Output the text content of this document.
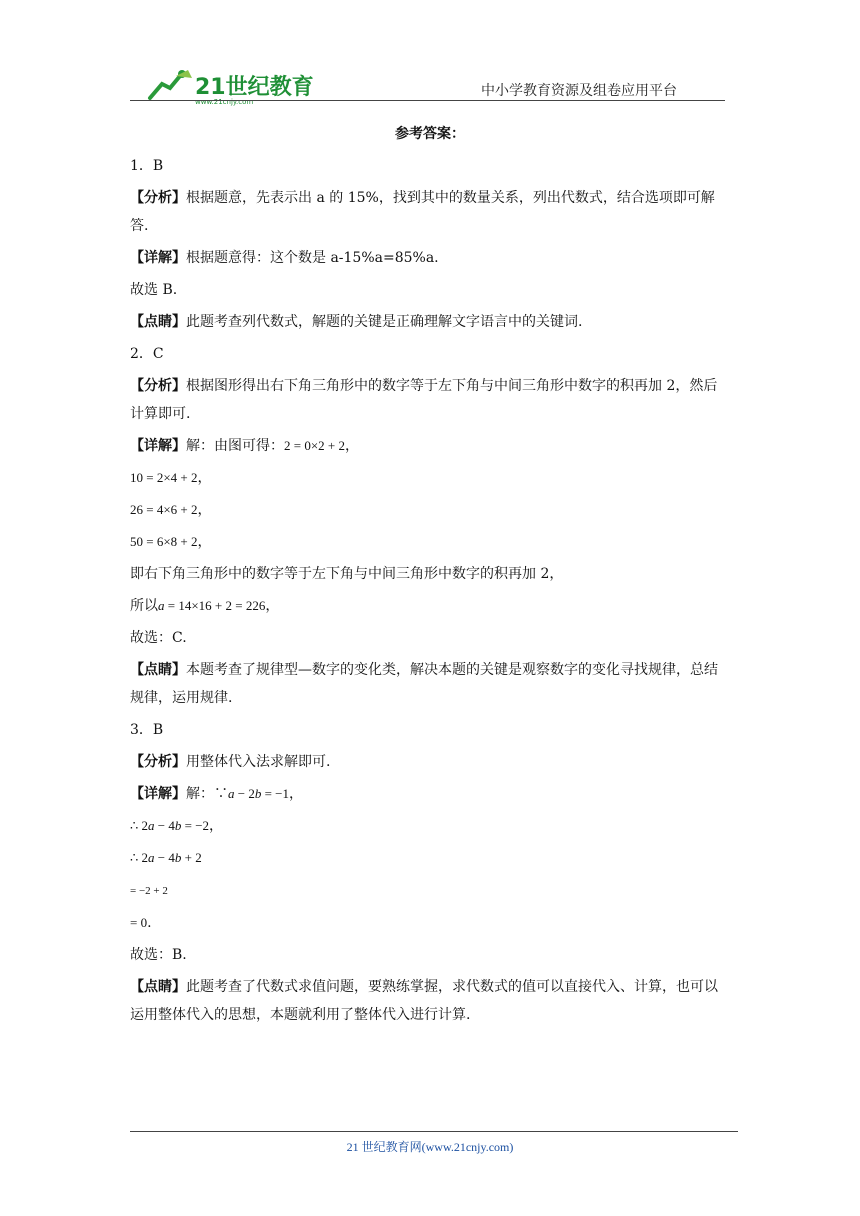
21世纪教育
www.21cnjy.com
中小学教育资源及组卷应用平台
参考答案：
1．B
【分析】根据题意，先表示出 a 的 15%，找到其中的数量关系，列出代数式，结合选项即可解答.
【详解】根据题意得：这个数是 a-15%a=85%a.
故选 B.
【点睛】此题考查列代数式，解题的关键是正确理解文字语言中的关键词.
2．C
【分析】根据图形得出右下角三角形中的数字等于左下角与中间三角形中数字的积再加 2，然后计算即可.
【详解】解：由图可得：2 = 0×2 + 2，
10 = 2×4 + 2，
26 = 4×6 + 2，
50 = 6×8 + 2，
即右下角三角形中的数字等于左下角与中间三角形中数字的积再加 2，
所以a = 14×16 + 2 = 226，
故选：C.
【点睛】本题考查了规律型—数字的变化类，解决本题的关键是观察数字的变化寻找规律，总结规律，运用规律.
3．B
【分析】用整体代入法求解即可.
【详解】解：∵a − 2b = −1，
∴ 2a − 4b = −2，
∴ 2a − 4b + 2
= −2 + 2
= 0.
故选：B.
【点睛】此题考查了代数式求值问题，要熟练掌握，求代数式的值可以直接代入、计算，也可以运用整体代入的思想，本题就利用了整体代入进行计算.
21 世纪教育网(www.21cnjy.com)
